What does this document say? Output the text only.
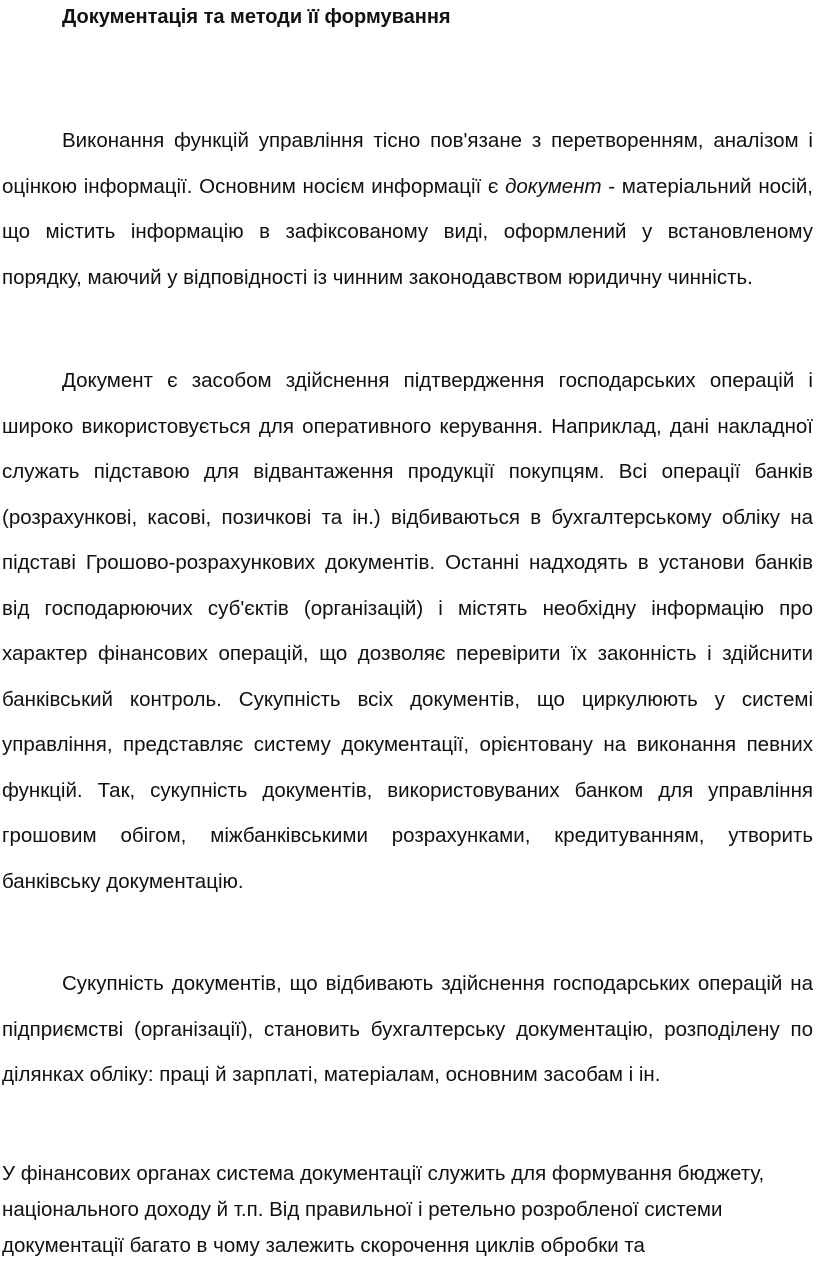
Документація та методи її формування

Виконання функцій управління тісно пов'язане з перетворенням, аналізом і оцінкою інформації. Основним носієм информації є документ - матеріальний носій, що містить інформацію в зафіксованому виді, оформлений у встановленому порядку, маючий у відповідності із чинним законодавством юридичну чинність.

Документ є засобом здійснення підтвердження господарських операцій і широко використовується для оперативного керування. Наприклад, дані накладної служать підставою для відвантаження продукції покупцям. Всі операції банків (розрахункові, касові, позичкові та ін.) відбиваються в бухгалтерському обліку на підставі Грошово-розрахункових документів. Останні надходять в установи банків від господарюючих суб'єктів (організацій) і містять необхідну інформацію про характер фінансових операцій, що дозволяє перевірити їх законність і здійснити банківський контроль. Сукупність всіх документів, що циркулюють у системі управління, представляє систему документації, орієнтовану на виконання певних функцій. Так, сукупність документів, використовуваних банком для управління грошовим обігом, міжбанківськими розрахунками, кредитуванням, утворить банківську документацію.

Сукупність документів, що відбивають здійснення господарських операцій на підприємстві (організації), становить бухгалтерську документацію, розподілену по ділянках обліку: праці й зарплаті, матеріалам, основним засобам і ін.

У фінансових органах система документації служить для формування бюджету, національного доходу й т.п. Від правильної і ретельно розробленої системи документації багато в чому залежить скорочення циклів обробки та
